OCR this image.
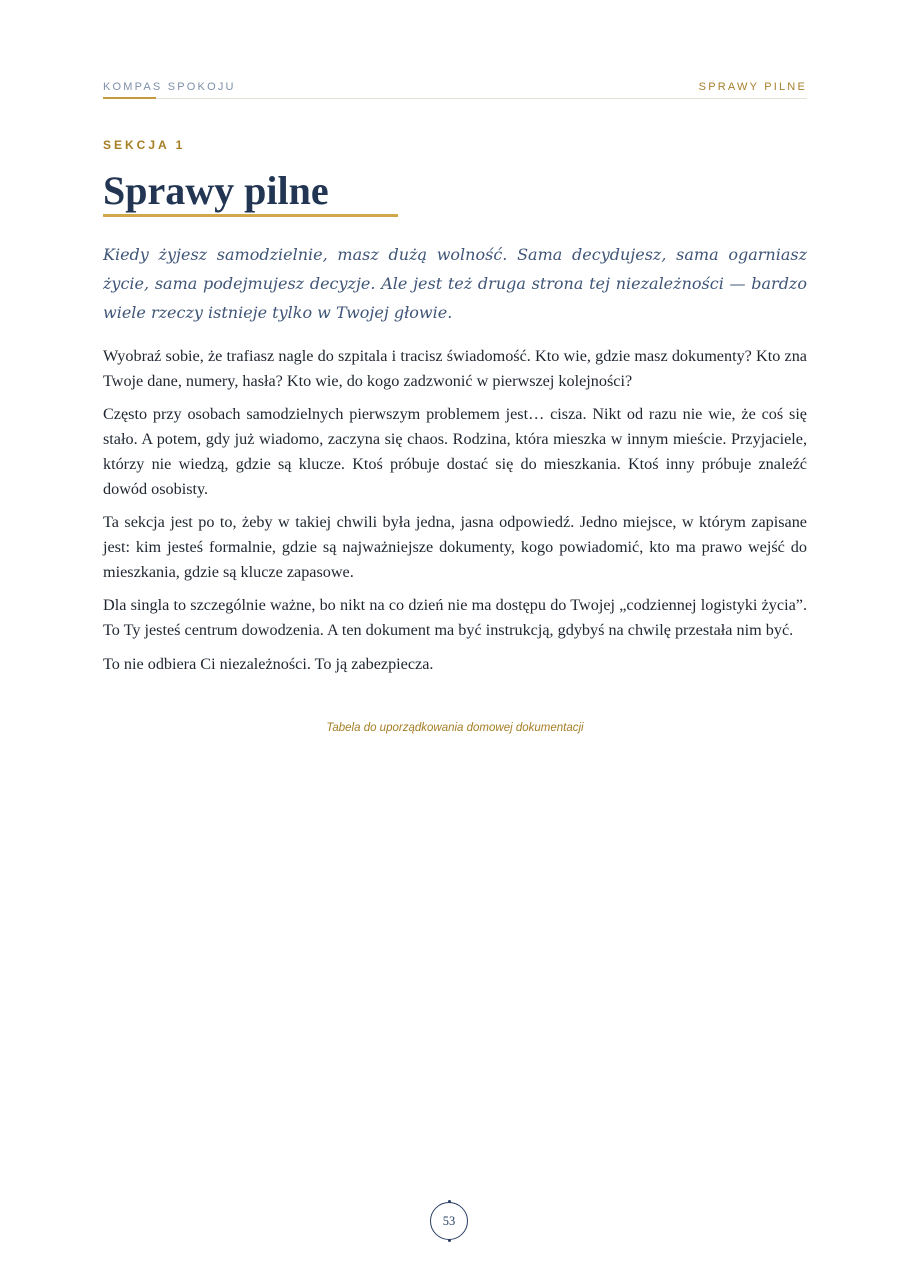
KOMPAS SPOKOJU	SPRAWY PILNE
SEKCJA 1
Sprawy pilne

Kiedy żyjesz samodzielnie, masz dużą wolność. Sama decydujesz, sama ogarniasz życie, sama podejmujesz decyzje. Ale jest też druga strona tej niezależności — bardzo wiele rzeczy istnieje tylko w Twojej głowie.

Wyobraź sobie, że trafiasz nagle do szpitala i tracisz świadomość. Kto wie, gdzie masz dokumenty? Kto zna Twoje dane, numery, hasła? Kto wie, do kogo zadzwonić w pierwszej kolejności?

Często przy osobach samodzielnych pierwszym problemem jest… cisza. Nikt od razu nie wie, że coś się stało. A potem, gdy już wiadomo, zaczyna się chaos. Rodzina, która mieszka w innym mieście. Przyjaciele, którzy nie wiedzą, gdzie są klucze. Ktoś próbuje dostać się do mieszkania. Ktoś inny próbuje znaleźć dowód osobisty.

Ta sekcja jest po to, żeby w takiej chwili była jedna, jasna odpowiedź. Jedno miejsce, w którym zapisane jest: kim jesteś formalnie, gdzie są najważniejsze dokumenty, kogo powiadomić, kto ma prawo wejść do mieszkania, gdzie są klucze zapasowe.

Dla singla to szczególnie ważne, bo nikt na co dzień nie ma dostępu do Twojej „codziennej logistyki życia”. To Ty jesteś centrum dowodzenia. A ten dokument ma być instrukcją, gdybyś na chwilę przestała nim być.

To nie odbiera Ci niezależności. To ją zabezpiecza.

Tabela do uporządkowania domowej dokumentacji
53
